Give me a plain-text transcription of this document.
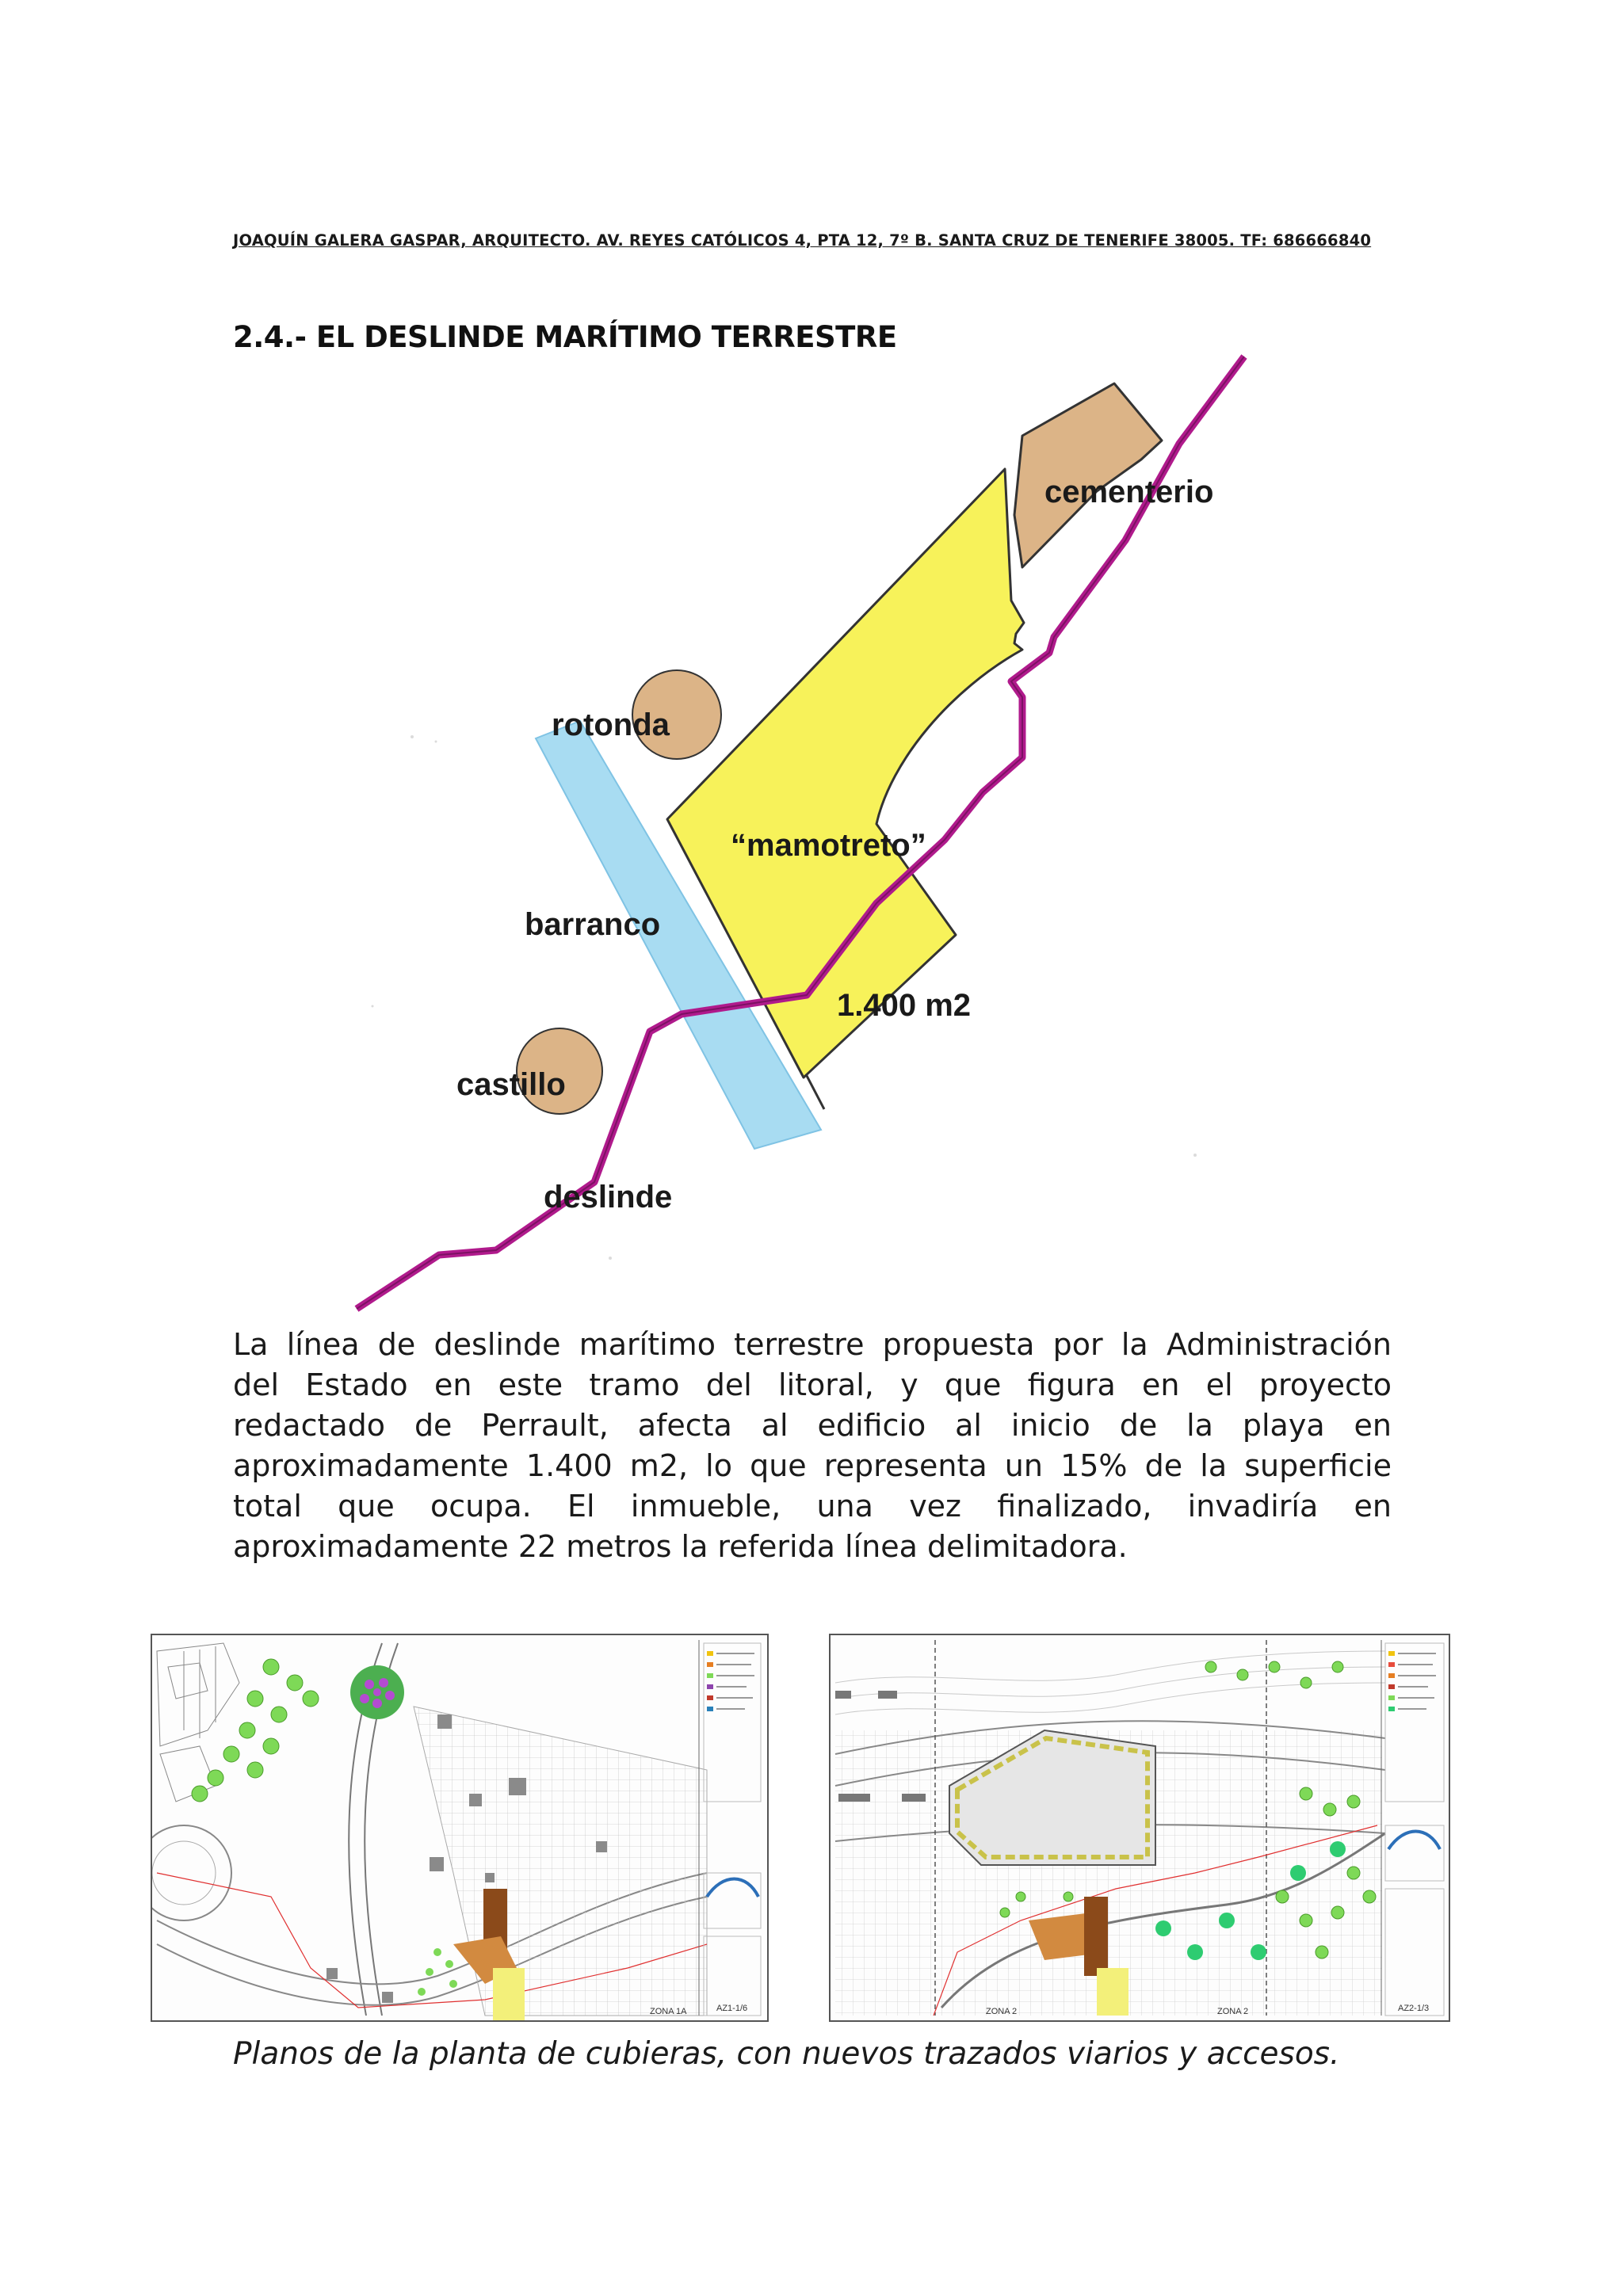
JOAQUÍN GALERA GASPAR, ARQUITECTO. AV. REYES CATÓLICOS 4, PTA 12, 7º B. SANTA CRUZ DE TENERIFE 38005. TF: 686666840
2.4.- EL DESLINDE MARÍTIMO TERRESTRE
cementerio
rotonda
“mamotreto”
barranco
1.400 m2
castillo
deslinde
La línea de deslinde marítimo terrestre propuesta por la Administración
del Estado en este tramo del litoral, y que figura en el proyecto
redactado de Perrault, afecta al edificio al inicio de la playa en
aproximadamente 1.400 m2, lo que representa un 15% de la superficie
total que ocupa. El inmueble, una vez finalizado, invadiría en
aproximadamente 22 metros la referida línea delimitadora.
ZONA 1A	AZ1-1/6	ZONA 2	ZONA 2	AZ2-1/3
Planos de la planta de cubieras, con nuevos trazados viarios y accesos.
